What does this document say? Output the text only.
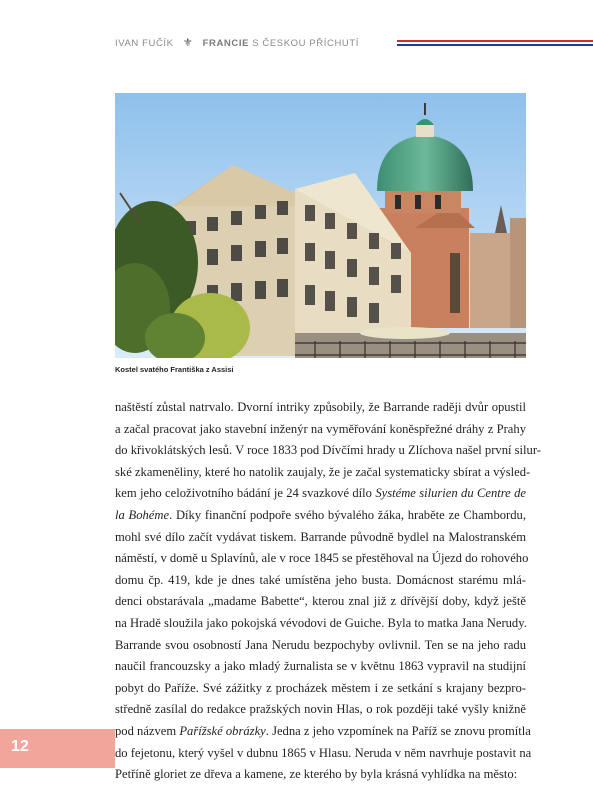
IVAN FUČÍK ⚜ FRANCIE S ČESKOU PŘÍCHUTÍ
Kostel svatého Františka z Assisi
naštěstí zůstal natrvalo. Dvorní intriky způsobily, že Barrande raději dvůr opustil
a začal pracovat jako stavební inženýr na vyměřování koněspřežné dráhy z Prahy
do křivoklátských lesů. V roce 1833 pod Dívčími hrady u Zlíchova našel první silur-
ské zkameněliny, které ho natolik zaujaly, že je začal systematicky sbírat a výsled-
kem jeho celoživotního bádání je 24 svazkové dílo Systéme silurien du Centre de
la Bohéme. Díky finanční podpoře svého bývalého žáka, hraběte ze Chambordu,
mohl své dílo začít vydávat tiskem. Barrande původně bydlel na Malostranském
náměstí, v domě u Splavínů, ale v roce 1845 se přestěhoval na Újezd do rohového
domu čp. 419, kde je dnes také umístěna jeho busta. Domácnost starému mlá-
denci obstarávala „madame Babette“, kterou znal již z dřívější doby, když ještě
na Hradě sloužila jako pokojská vévodovi de Guiche. Byla to matka Jana Nerudy.
Barrande svou osobností Jana Nerudu bezpochyby ovlivnil. Ten se na jeho radu
naučil francouzsky a jako mladý žurnalista se v květnu 1863 vypravil na studijní
pobyt do Paříže. Své zážitky z procházek městem i ze setkání s krajany bezpro-
středně zasílal do redakce pražských novin Hlas, o rok později také vyšly knižně
pod názvem Pařížské obrázky. Jedna z jeho vzpomínek na Paříž se znovu promítla
do fejetonu, který vyšel v dubnu 1865 v Hlasu. Neruda v něm navrhuje postavit na
Petříně gloriet ze dřeva a kamene, ze kterého by byla krásná vyhlídka na město:
12
